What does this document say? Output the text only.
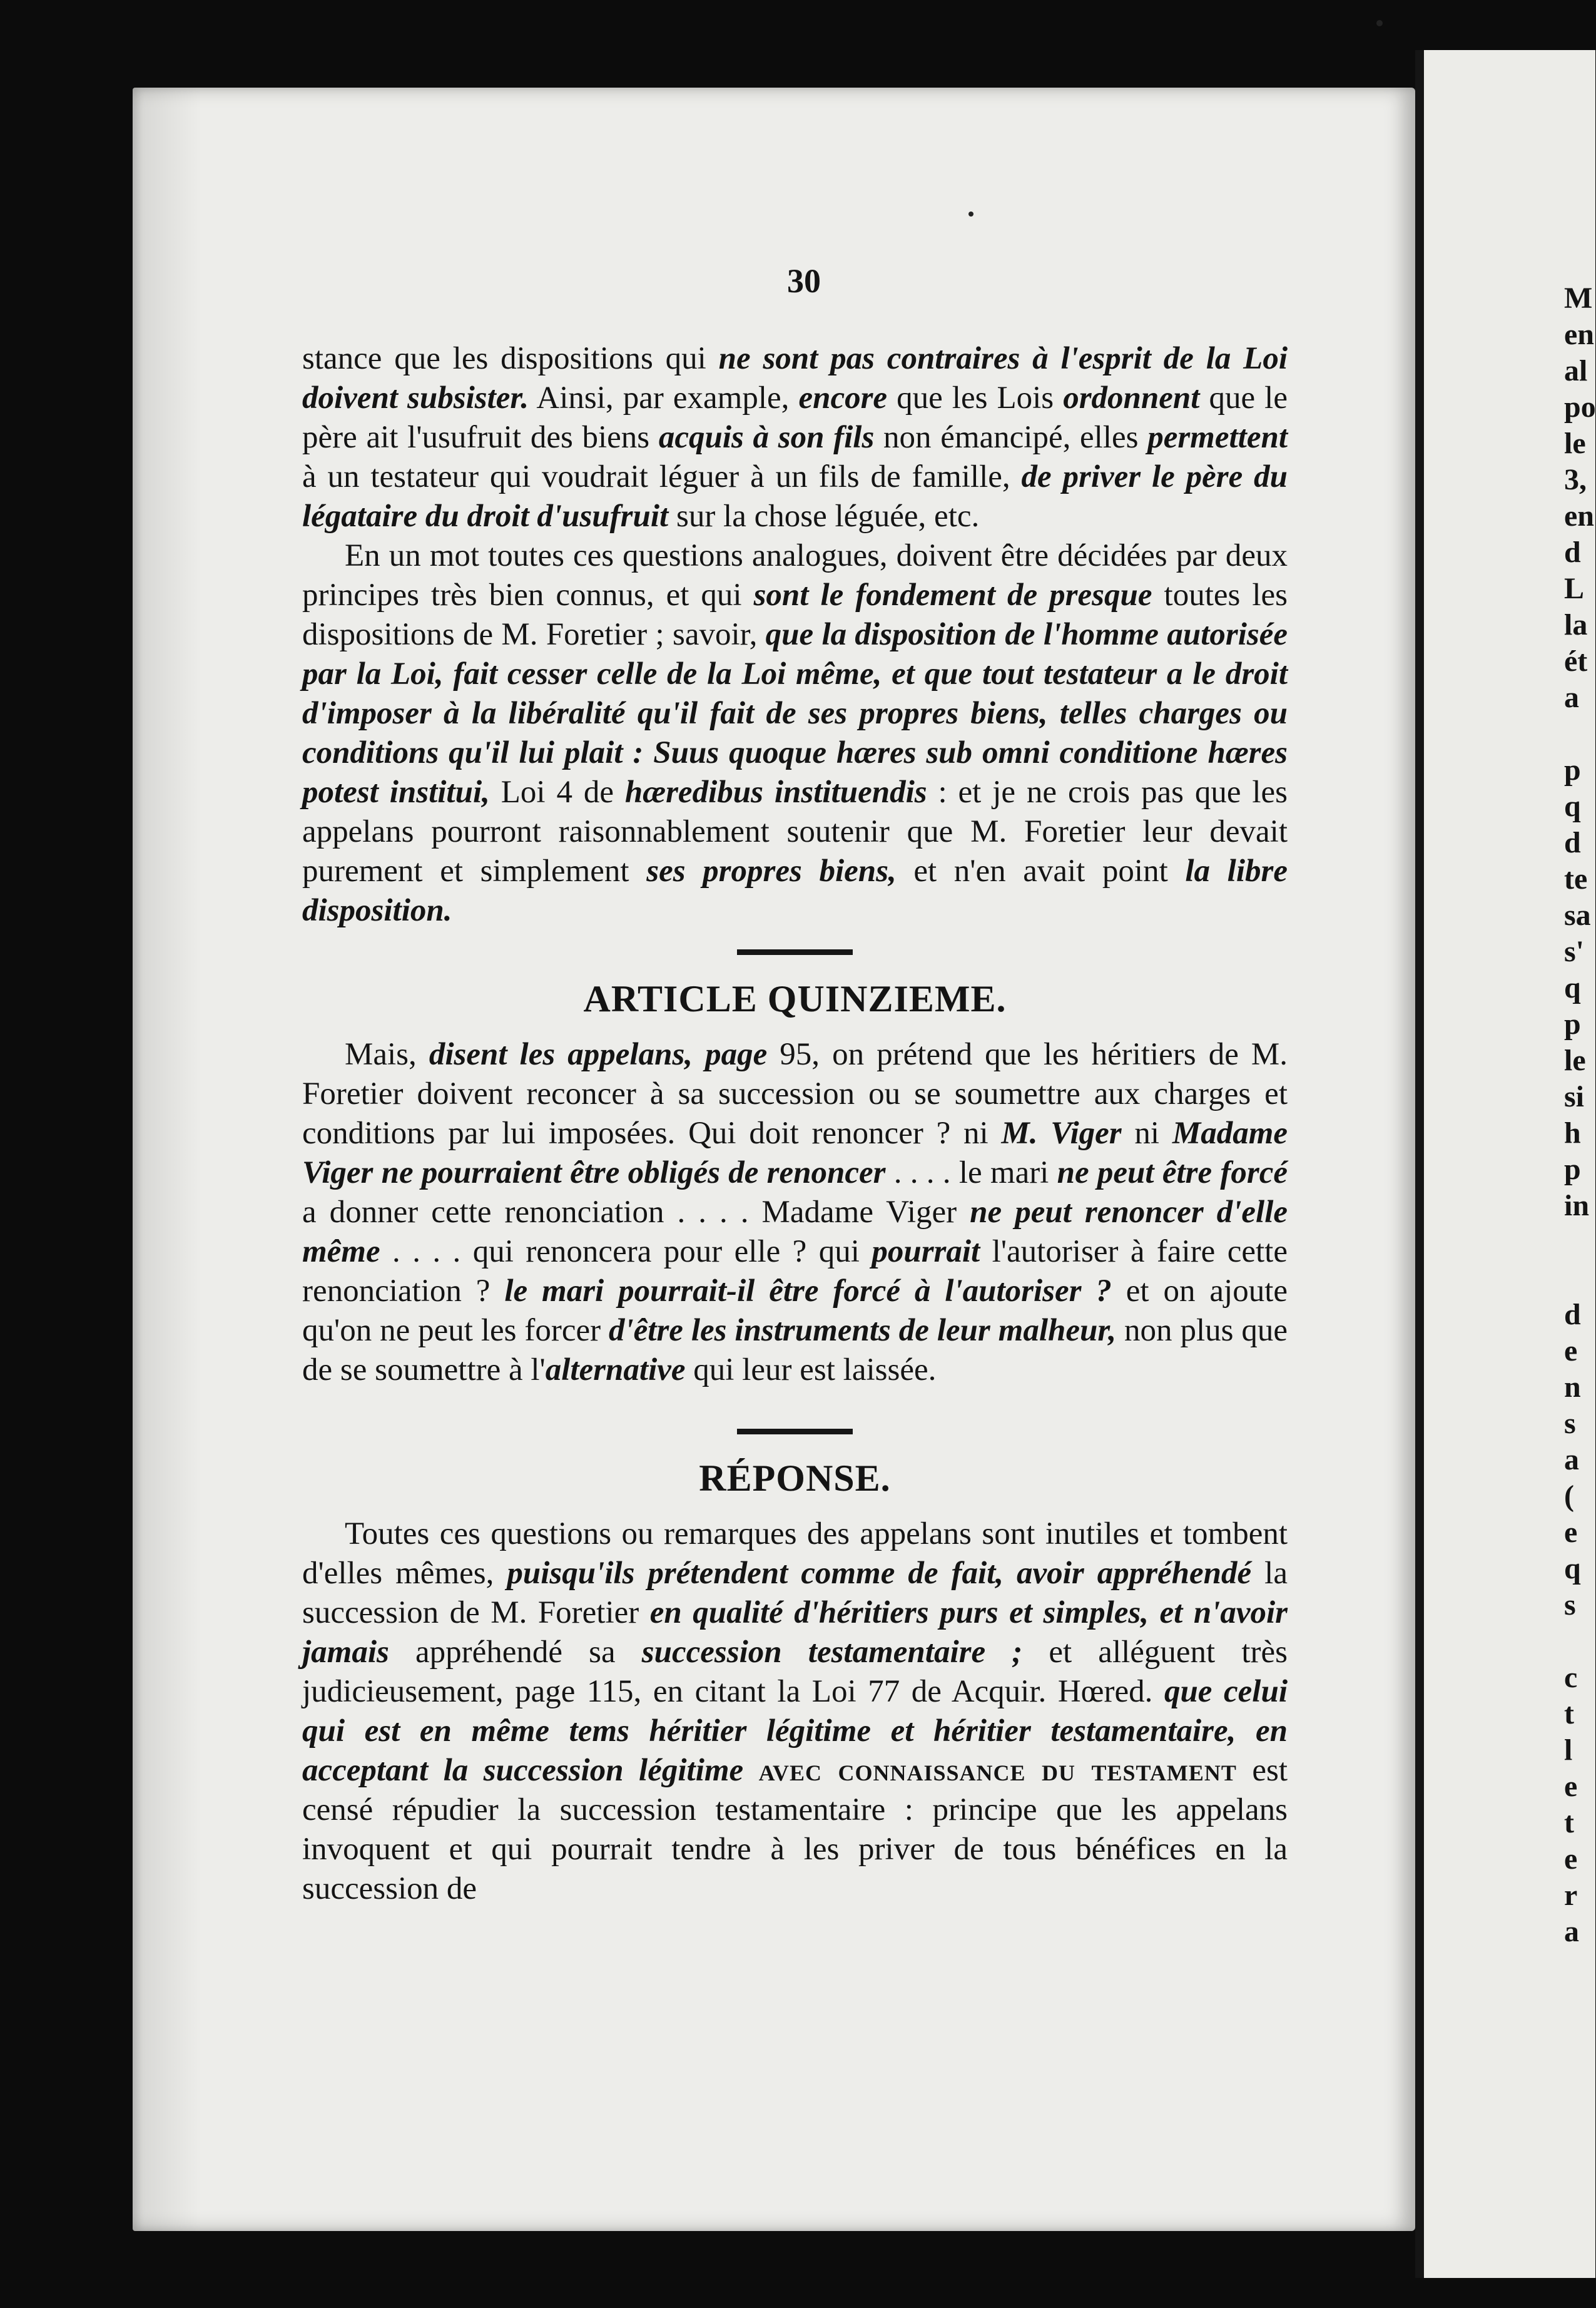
30

stance que les dispositions qui ne sont pas contraires à l'esprit de la Loi doivent subsister. Ainsi, par example, encore que les Lois ordonnent que le père ait l'usufruit des biens acquis à son fils non émancipé, elles permettent à un testateur qui voudrait léguer à un fils de famille, de priver le père du légataire du droit d'usufruit sur la chose léguée, etc.

En un mot toutes ces questions analogues, doivent être décidées par deux principes très bien connus, et qui sont le fondement de presque toutes les dispositions de M. Foretier ; savoir, que la disposition de l'homme autorisée par la Loi, fait cesser celle de la Loi même, et que tout testateur a le droit d'imposer à la libéralité qu'il fait de ses propres biens, telles charges ou conditions qu'il lui plait : Suus quoque hæres sub omni conditione hæres potest institui, Loi 4 de hæredibus instituendis : et je ne crois pas que les appelans pourront raisonnablement soutenir que M. Foretier leur devait purement et simplement ses propres biens, et n'en avait point la libre disposition.

ARTICLE QUINZIEME.

Mais, disent les appelans, page 95, on prétend que les héritiers de M. Foretier doivent reconcer à sa succession ou se soumettre aux charges et conditions par lui imposées. Qui doit renoncer ? ni M. Viger ni Madame Viger ne pourraient être obligés de renoncer . . . . le mari ne peut être forcé a donner cette renonciation . . . . Madame Viger ne peut renoncer d'elle même . . . . qui renoncera pour elle ? qui pourrait l'autoriser à faire cette renonciation ? le mari pourrait-il être forcé à l'autoriser ? et on ajoute qu'on ne peut les forcer d'être les instruments de leur malheur, non plus que de se soumettre à l'alternative qui leur est laissée.

RÉPONSE.

Toutes ces questions ou remarques des appelans sont inutiles et tombent d'elles mêmes, puisqu'ils prétendent comme de fait, avoir appréhendé la succession de M. Foretier en qualité d'héritiers purs et simples, et n'avoir jamais appréhendé sa succession testamentaire ; et alléguent très judicieusement, page 115, en citant la Loi 77 de Acquir. Hœred. que celui qui est en même tems héritier légitime et héritier testamentaire, en acceptant la succession légitime avec connaissance du testament est censé répudier la succession testamentaire : principe que les appelans invoquent et qui pourrait tendre à les priver de tous bénéfices en la succession de

M
en
al
po
le
3,
en
d
L
la
ét
a
p
q
d
te
sa
s'
q
p
le
si
h
p
in
d
e
n
s
a
(
e
q
s
c
t
l
e
t
e
r
a
